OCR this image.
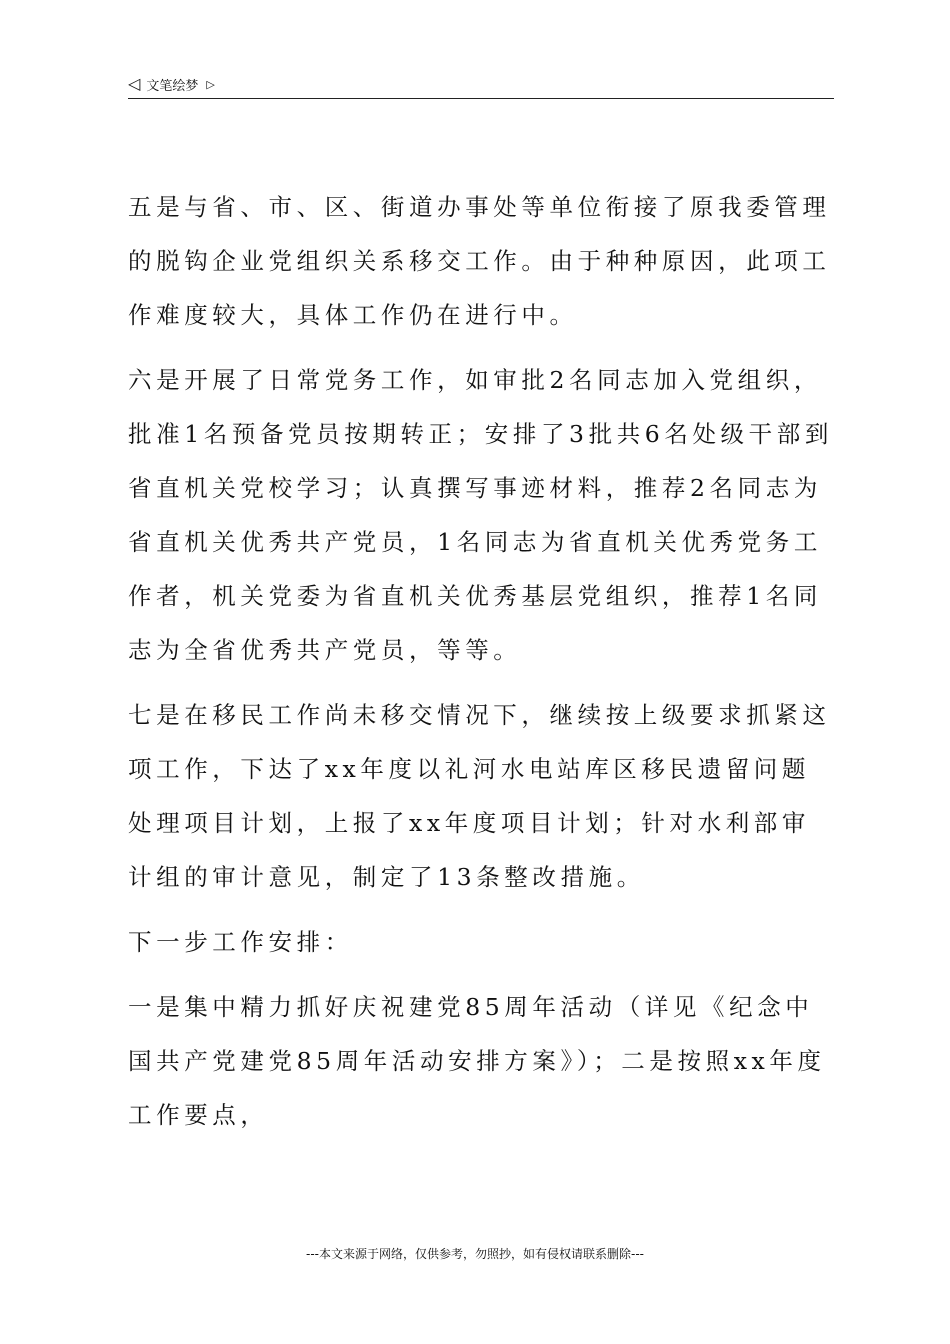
◁ 文笔绘梦 ▷

五是与省、市、区、街道办事处等单位衔接了原我委管理的脱钩企业党组织关系移交工作。由于种种原因，此项工作难度较大，具体工作仍在进行中。

六是开展了日常党务工作，如审批2名同志加入党组织，批准1名预备党员按期转正；安排了3批共6名处级干部到省直机关党校学习；认真撰写事迹材料，推荐2名同志为省直机关优秀共产党员，1名同志为省直机关优秀党务工作者，机关党委为省直机关优秀基层党组织，推荐1名同志为全省优秀共产党员，等等。

七是在移民工作尚未移交情况下，继续按上级要求抓紧这项工作，下达了xx年度以礼河水电站库区移民遗留问题处理项目计划，上报了xx年度项目计划；针对水利部审计组的审计意见，制定了13条整改措施。

下一步工作安排：

一是集中精力抓好庆祝建党85周年活动（详见《纪念中国共产党建党85周年活动安排方案》）；二是按照xx年度工作要点，

---本文来源于网络，仅供参考，勿照抄，如有侵权请联系删除---
